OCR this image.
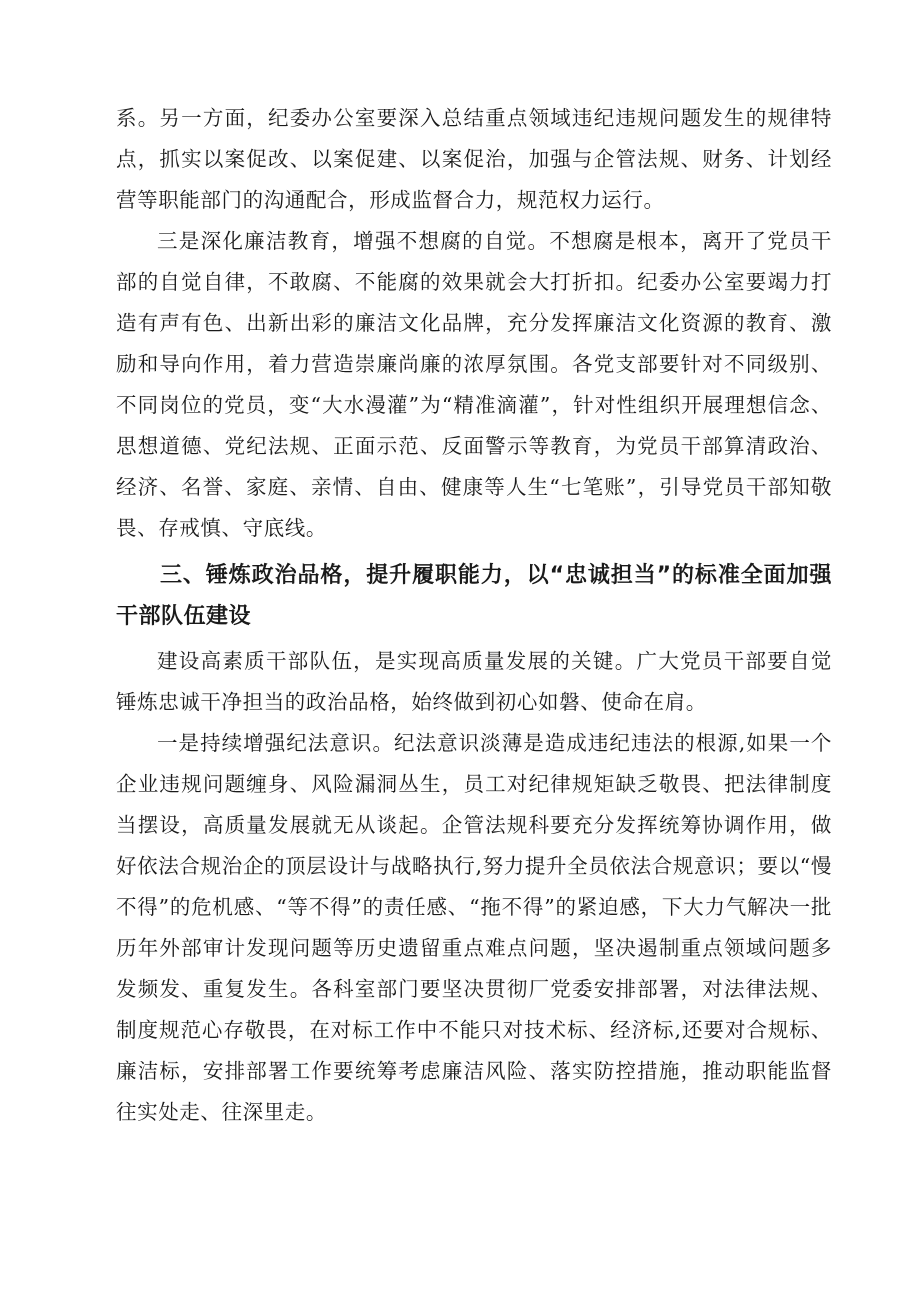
系。另一方面，纪委办公室要深入总结重点领域违纪违规问题发生的规律特点，抓实以案促改、以案促建、以案促治，加强与企管法规、财务、计划经营等职能部门的沟通配合，形成监督合力，规范权力运行。

三是深化廉洁教育，增强不想腐的自觉。不想腐是根本，离开了党员干部的自觉自律，不敢腐、不能腐的效果就会大打折扣。纪委办公室要竭力打造有声有色、出新出彩的廉洁文化品牌，充分发挥廉洁文化资源的教育、激励和导向作用，着力营造崇廉尚廉的浓厚氛围。各党支部要针对不同级别、不同岗位的党员，变“大水漫灌”为“精准滴灌”，针对性组织开展理想信念、思想道德、党纪法规、正面示范、反面警示等教育，为党员干部算清政治、经济、名誉、家庭、亲情、自由、健康等人生“七笔账”，引导党员干部知敬畏、存戒慎、守底线。

三、锤炼政治品格，提升履职能力，以“忠诚担当”的标准全面加强干部队伍建设

建设高素质干部队伍，是实现高质量发展的关键。广大党员干部要自觉锤炼忠诚干净担当的政治品格，始终做到初心如磐、使命在肩。

一是持续增强纪法意识。纪法意识淡薄是造成违纪违法的根源,如果一个企业违规问题缠身、风险漏洞丛生，员工对纪律规矩缺乏敬畏、把法律制度当摆设，高质量发展就无从谈起。企管法规科要充分发挥统筹协调作用，做好依法合规治企的顶层设计与战略执行,努力提升全员依法合规意识；要以“慢不得”的危机感、“等不得”的责任感、“拖不得”的紧迫感，下大力气解决一批历年外部审计发现问题等历史遗留重点难点问题，坚决遏制重点领域问题多发频发、重复发生。各科室部门要坚决贯彻厂党委安排部署，对法律法规、制度规范心存敬畏，在对标工作中不能只对技术标、经济标,还要对合规标、廉洁标，安排部署工作要统筹考虑廉洁风险、落实防控措施，推动职能监督往实处走、往深里走。
